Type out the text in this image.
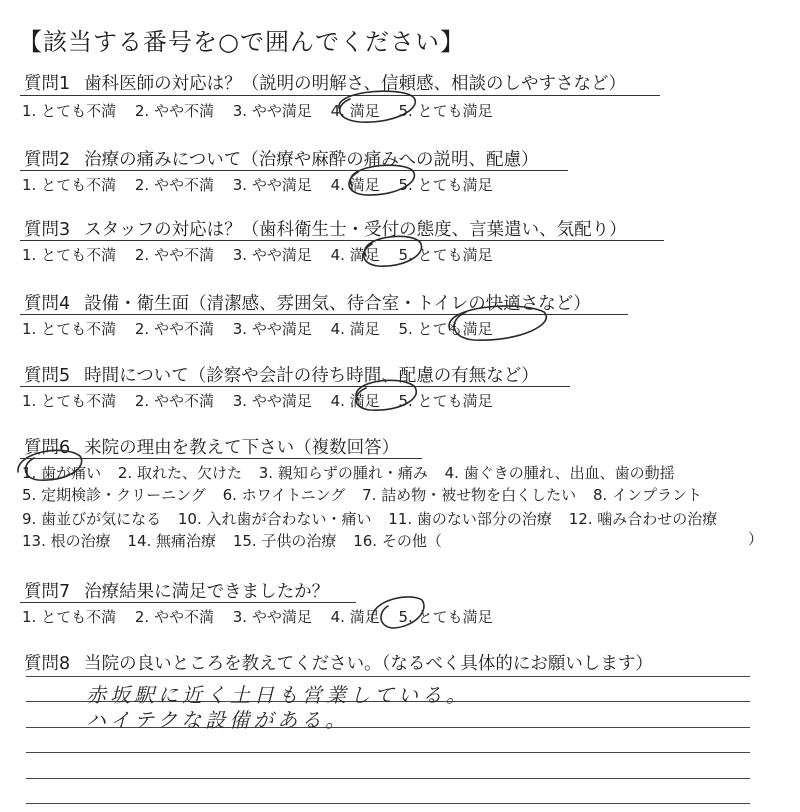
【該当する番号を○で囲んでください】
質問1 歯科医師の対応は？（説明の明解さ、信頼感、相談のしやすさなど）
1. とても不満 2. やや不満 3. やや満足 4. 満足 5. とても満足
質問2 治療の痛みについて（治療や麻酔の痛みへの説明、配慮）
1. とても不満 2. やや不満 3. やや満足 4. 満足 5. とても満足
質問3 スタッフの対応は？（歯科衛生士・受付の態度、言葉遣い、気配り）
1. とても不満 2. やや不満 3. やや満足 4. 満足 5. とても満足
質問4 設備・衛生面（清潔感、雰囲気、待合室・トイレの快適さなど）
1. とても不満 2. やや不満 3. やや満足 4. 満足 5. とても満足
質問5 時間について（診察や会計の待ち時間、配慮の有無など）
1. とても不満 2. やや不満 3. やや満足 4. 満足 5. とても満足
質問6 来院の理由を教えて下さい（複数回答）
1. 歯が痛い 2. 取れた、欠けた 3. 親知らずの腫れ・痛み 4. 歯ぐきの腫れ、出血、歯の動揺
5. 定期検診・クリーニング 6. ホワイトニング 7. 詰め物・被せ物を白くしたい 8. インプラント
9. 歯並びが気になる 10. 入れ歯が合わない・痛い 11. 歯のない部分の治療 12. 噛み合わせの治療
13. 根の治療 14. 無痛治療 15. 子供の治療 16. その他（	）
質問7 治療結果に満足できましたか？
1. とても不満 2. やや不満 3. やや満足 4. 満足 5. とても満足
質問8 当院の良いところを教えてください。（なるべく具体的にお願いします）
赤坂駅に近く土日も営業している。
ハイテクな設備がある。
